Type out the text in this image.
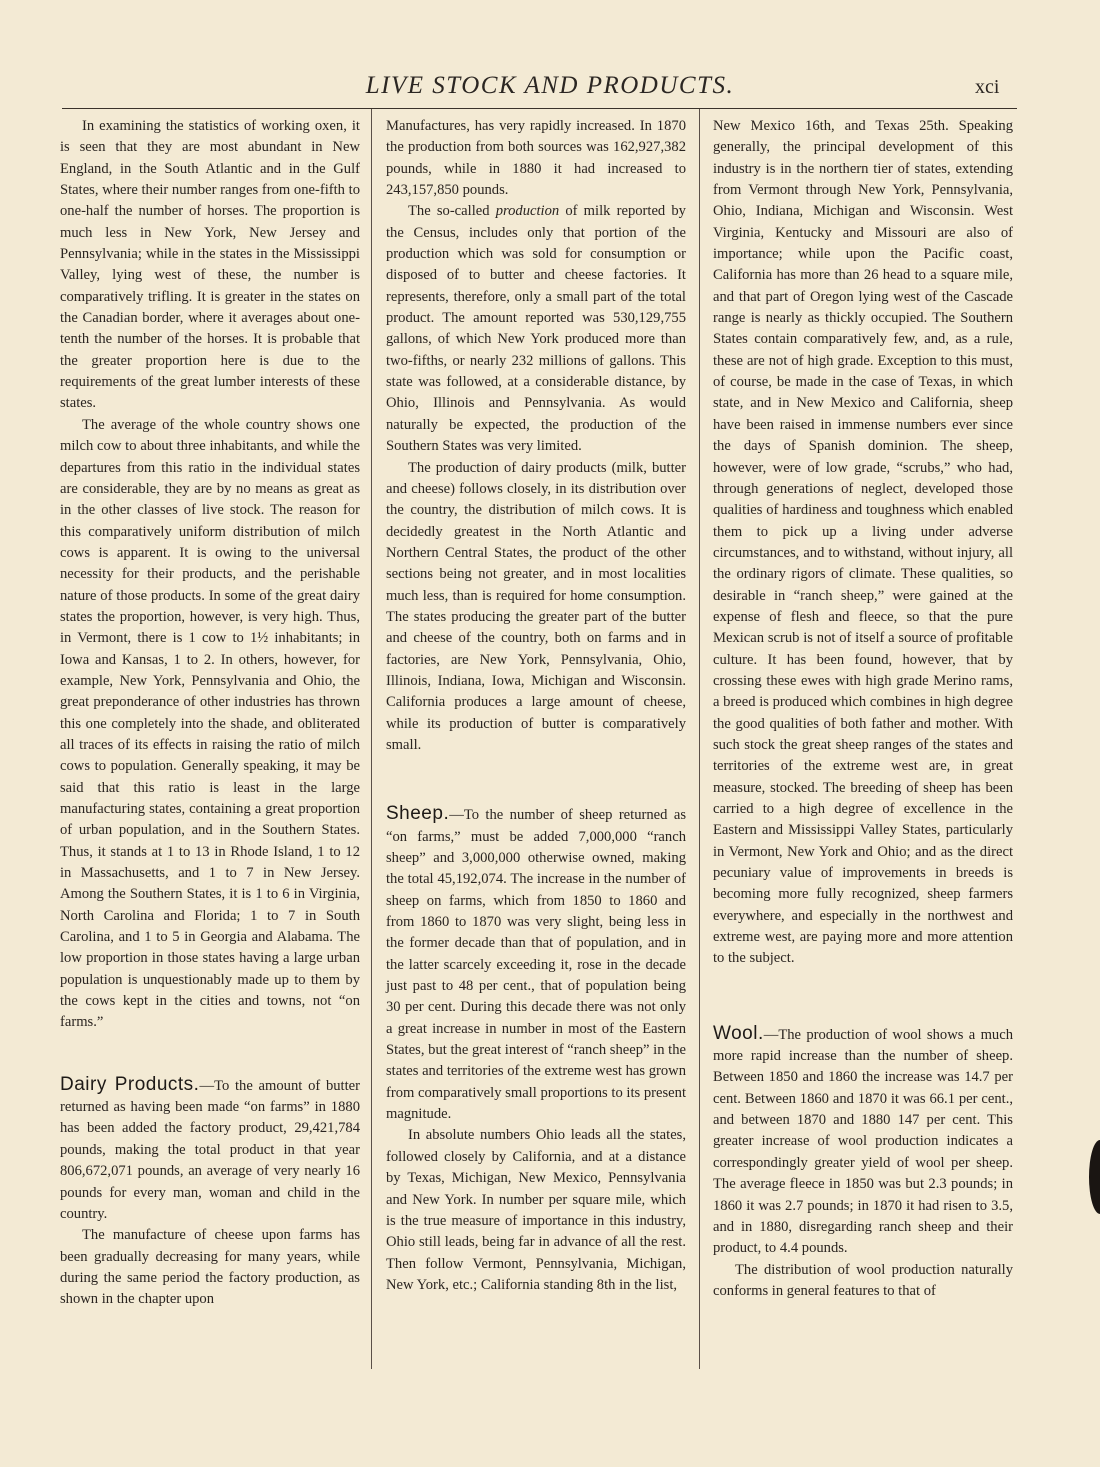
LIVE STOCK AND PRODUCTS.	xci

In examining the statistics of working oxen, it is seen that they are most abundant in New England, in the South Atlantic and in the Gulf States, where their number ranges from one-fifth to one-half the number of horses. The proportion is much less in New York, New Jersey and Pennsylvania; while in the states in the Mississippi Valley, lying west of these, the number is comparatively trifling. It is greater in the states on the Canadian border, where it averages about one-tenth the number of the horses. It is probable that the greater proportion here is due to the requirements of the great lumber interests of these states.

The average of the whole country shows one milch cow to about three inhabitants, and while the departures from this ratio in the individual states are considerable, they are by no means as great as in the other classes of live stock. The reason for this comparatively uniform distribution of milch cows is apparent. It is owing to the universal necessity for their products, and the perishable nature of those products. In some of the great dairy states the proportion, however, is very high. Thus, in Vermont, there is 1 cow to 1½ inhabitants; in Iowa and Kansas, 1 to 2. In others, however, for example, New York, Pennsylvania and Ohio, the great preponderance of other industries has thrown this one completely into the shade, and obliterated all traces of its effects in raising the ratio of milch cows to population. Generally speaking, it may be said that this ratio is least in the large manufacturing states, containing a great proportion of urban population, and in the Southern States. Thus, it stands at 1 to 13 in Rhode Island, 1 to 12 in Massachusetts, and 1 to 7 in New Jersey. Among the Southern States, it is 1 to 6 in Virginia, North Carolina and Florida; 1 to 7 in South Carolina, and 1 to 5 in Georgia and Alabama. The low proportion in those states having a large urban population is unquestionably made up to them by the cows kept in the cities and towns, not “on farms.”

Dairy Products.—To the amount of butter returned as having been made “on farms” in 1880 has been added the factory product, 29,421,784 pounds, making the total product in that year 806,672,071 pounds, an average of very nearly 16 pounds for every man, woman and child in the country.

The manufacture of cheese upon farms has been gradually decreasing for many years, while during the same period the factory production, as shown in the chapter upon

Manufactures, has very rapidly increased. In 1870 the production from both sources was 162,927,382 pounds, while in 1880 it had increased to 243,157,850 pounds.

The so-called production of milk reported by the Census, includes only that portion of the production which was sold for consumption or disposed of to butter and cheese factories. It represents, therefore, only a small part of the total product. The amount reported was 530,129,755 gallons, of which New York produced more than two-fifths, or nearly 232 millions of gallons. This state was followed, at a considerable distance, by Ohio, Illinois and Pennsylvania. As would naturally be expected, the production of the Southern States was very limited.

The production of dairy products (milk, butter and cheese) follows closely, in its distribution over the country, the distribution of milch cows. It is decidedly greatest in the North Atlantic and Northern Central States, the product of the other sections being not greater, and in most localities much less, than is required for home consumption. The states producing the greater part of the butter and cheese of the country, both on farms and in factories, are New York, Pennsylvania, Ohio, Illinois, Indiana, Iowa, Michigan and Wisconsin. California produces a large amount of cheese, while its production of butter is comparatively small.

Sheep.—To the number of sheep returned as “on farms,” must be added 7,000,000 “ranch sheep” and 3,000,000 otherwise owned, making the total 45,192,074. The increase in the number of sheep on farms, which from 1850 to 1860 and from 1860 to 1870 was very slight, being less in the former decade than that of population, and in the latter scarcely exceeding it, rose in the decade just past to 48 per cent., that of population being 30 per cent. During this decade there was not only a great increase in number in most of the Eastern States, but the great interest of “ranch sheep” in the states and territories of the extreme west has grown from comparatively small proportions to its present magnitude.

In absolute numbers Ohio leads all the states, followed closely by California, and at a distance by Texas, Michigan, New Mexico, Pennsylvania and New York. In number per square mile, which is the true measure of importance in this industry, Ohio still leads, being far in advance of all the rest. Then follow Vermont, Pennsylvania, Michigan, New York, etc.; California standing 8th in the list,

New Mexico 16th, and Texas 25th. Speaking generally, the principal development of this industry is in the northern tier of states, extending from Vermont through New York, Pennsylvania, Ohio, Indiana, Michigan and Wisconsin. West Virginia, Kentucky and Missouri are also of importance; while upon the Pacific coast, California has more than 26 head to a square mile, and that part of Oregon lying west of the Cascade range is nearly as thickly occupied. The Southern States contain comparatively few, and, as a rule, these are not of high grade. Exception to this must, of course, be made in the case of Texas, in which state, and in New Mexico and California, sheep have been raised in immense numbers ever since the days of Spanish dominion. The sheep, however, were of low grade, “scrubs,” who had, through generations of neglect, developed those qualities of hardiness and toughness which enabled them to pick up a living under adverse circumstances, and to withstand, without injury, all the ordinary rigors of climate. These qualities, so desirable in “ranch sheep,” were gained at the expense of flesh and fleece, so that the pure Mexican scrub is not of itself a source of profitable culture. It has been found, however, that by crossing these ewes with high grade Merino rams, a breed is produced which combines in high degree the good qualities of both father and mother. With such stock the great sheep ranges of the states and territories of the extreme west are, in great measure, stocked. The breeding of sheep has been carried to a high degree of excellence in the Eastern and Mississippi Valley States, particularly in Vermont, New York and Ohio; and as the direct pecuniary value of improvements in breeds is becoming more fully recognized, sheep farmers everywhere, and especially in the northwest and extreme west, are paying more and more attention to the subject.

Wool.—The production of wool shows a much more rapid increase than the number of sheep. Between 1850 and 1860 the increase was 14.7 per cent. Between 1860 and 1870 it was 66.1 per cent., and between 1870 and 1880 147 per cent. This greater increase of wool production indicates a correspondingly greater yield of wool per sheep. The average fleece in 1850 was but 2.3 pounds; in 1860 it was 2.7 pounds; in 1870 it had risen to 3.5, and in 1880, disregarding ranch sheep and their product, to 4.4 pounds.

The distribution of wool production naturally conforms in general features to that of
